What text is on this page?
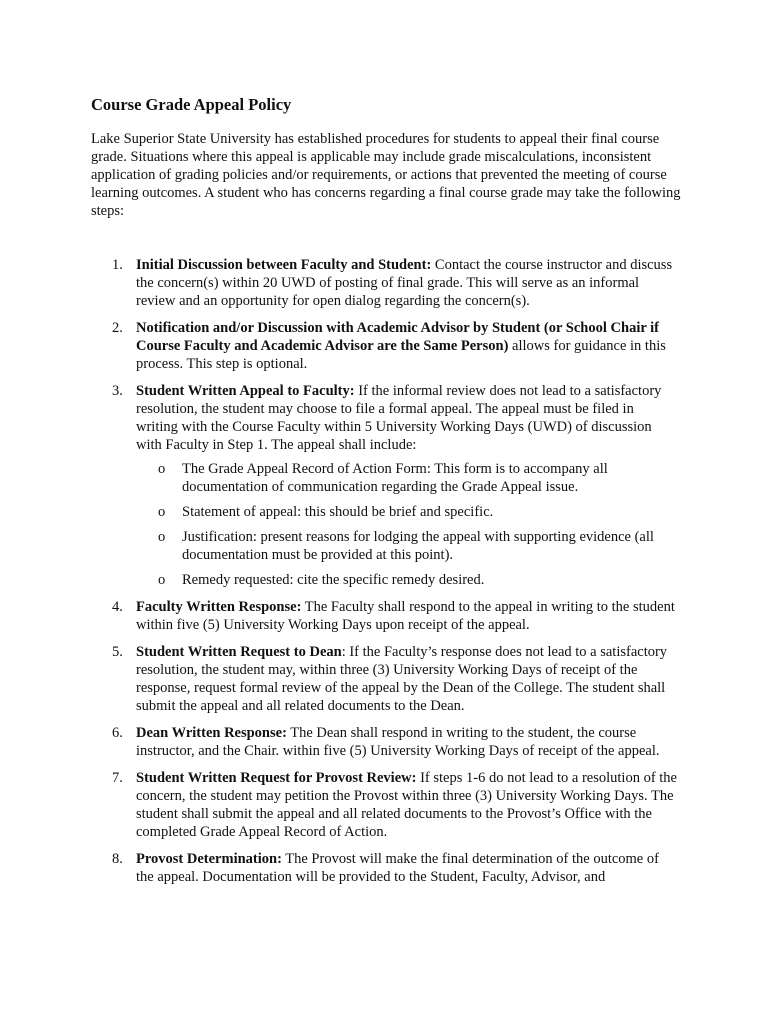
Course Grade Appeal Policy

Lake Superior State University has established procedures for students to appeal their final course grade. Situations where this appeal is applicable may include grade miscalculations, inconsistent application of grading policies and/or requirements, or actions that prevented the meeting of course learning outcomes. A student who has concerns regarding a final course grade may take the following steps:

1. Initial Discussion between Faculty and Student: Contact the course instructor and discuss the concern(s) within 20 UWD of posting of final grade. This will serve as an informal review and an opportunity for open dialog regarding the concern(s).
2. Notification and/or Discussion with Academic Advisor by Student (or School Chair if Course Faculty and Academic Advisor are the Same Person) allows for guidance in this process. This step is optional.
3. Student Written Appeal to Faculty: If the informal review does not lead to a satisfactory resolution, the student may choose to file a formal appeal. The appeal must be filed in writing with the Course Faculty within 5 University Working Days (UWD) of discussion with Faculty in Step 1. The appeal shall include:
o The Grade Appeal Record of Action Form: This form is to accompany all documentation of communication regarding the Grade Appeal issue.
o Statement of appeal: this should be brief and specific.
o Justification: present reasons for lodging the appeal with supporting evidence (all documentation must be provided at this point).
o Remedy requested: cite the specific remedy desired.
4. Faculty Written Response: The Faculty shall respond to the appeal in writing to the student within five (5) University Working Days upon receipt of the appeal.
5. Student Written Request to Dean: If the Faculty’s response does not lead to a satisfactory resolution, the student may, within three (3) University Working Days of receipt of the response, request formal review of the appeal by the Dean of the College. The student shall submit the appeal and all related documents to the Dean.
6. Dean Written Response: The Dean shall respond in writing to the student, the course instructor, and the Chair. within five (5) University Working Days of receipt of the appeal.
7. Student Written Request for Provost Review: If steps 1-6 do not lead to a resolution of the concern, the student may petition the Provost within three (3) University Working Days. The student shall submit the appeal and all related documents to the Provost’s Office with the completed Grade Appeal Record of Action.
8. Provost Determination: The Provost will make the final determination of the outcome of the appeal. Documentation will be provided to the Student, Faculty, Advisor, and
